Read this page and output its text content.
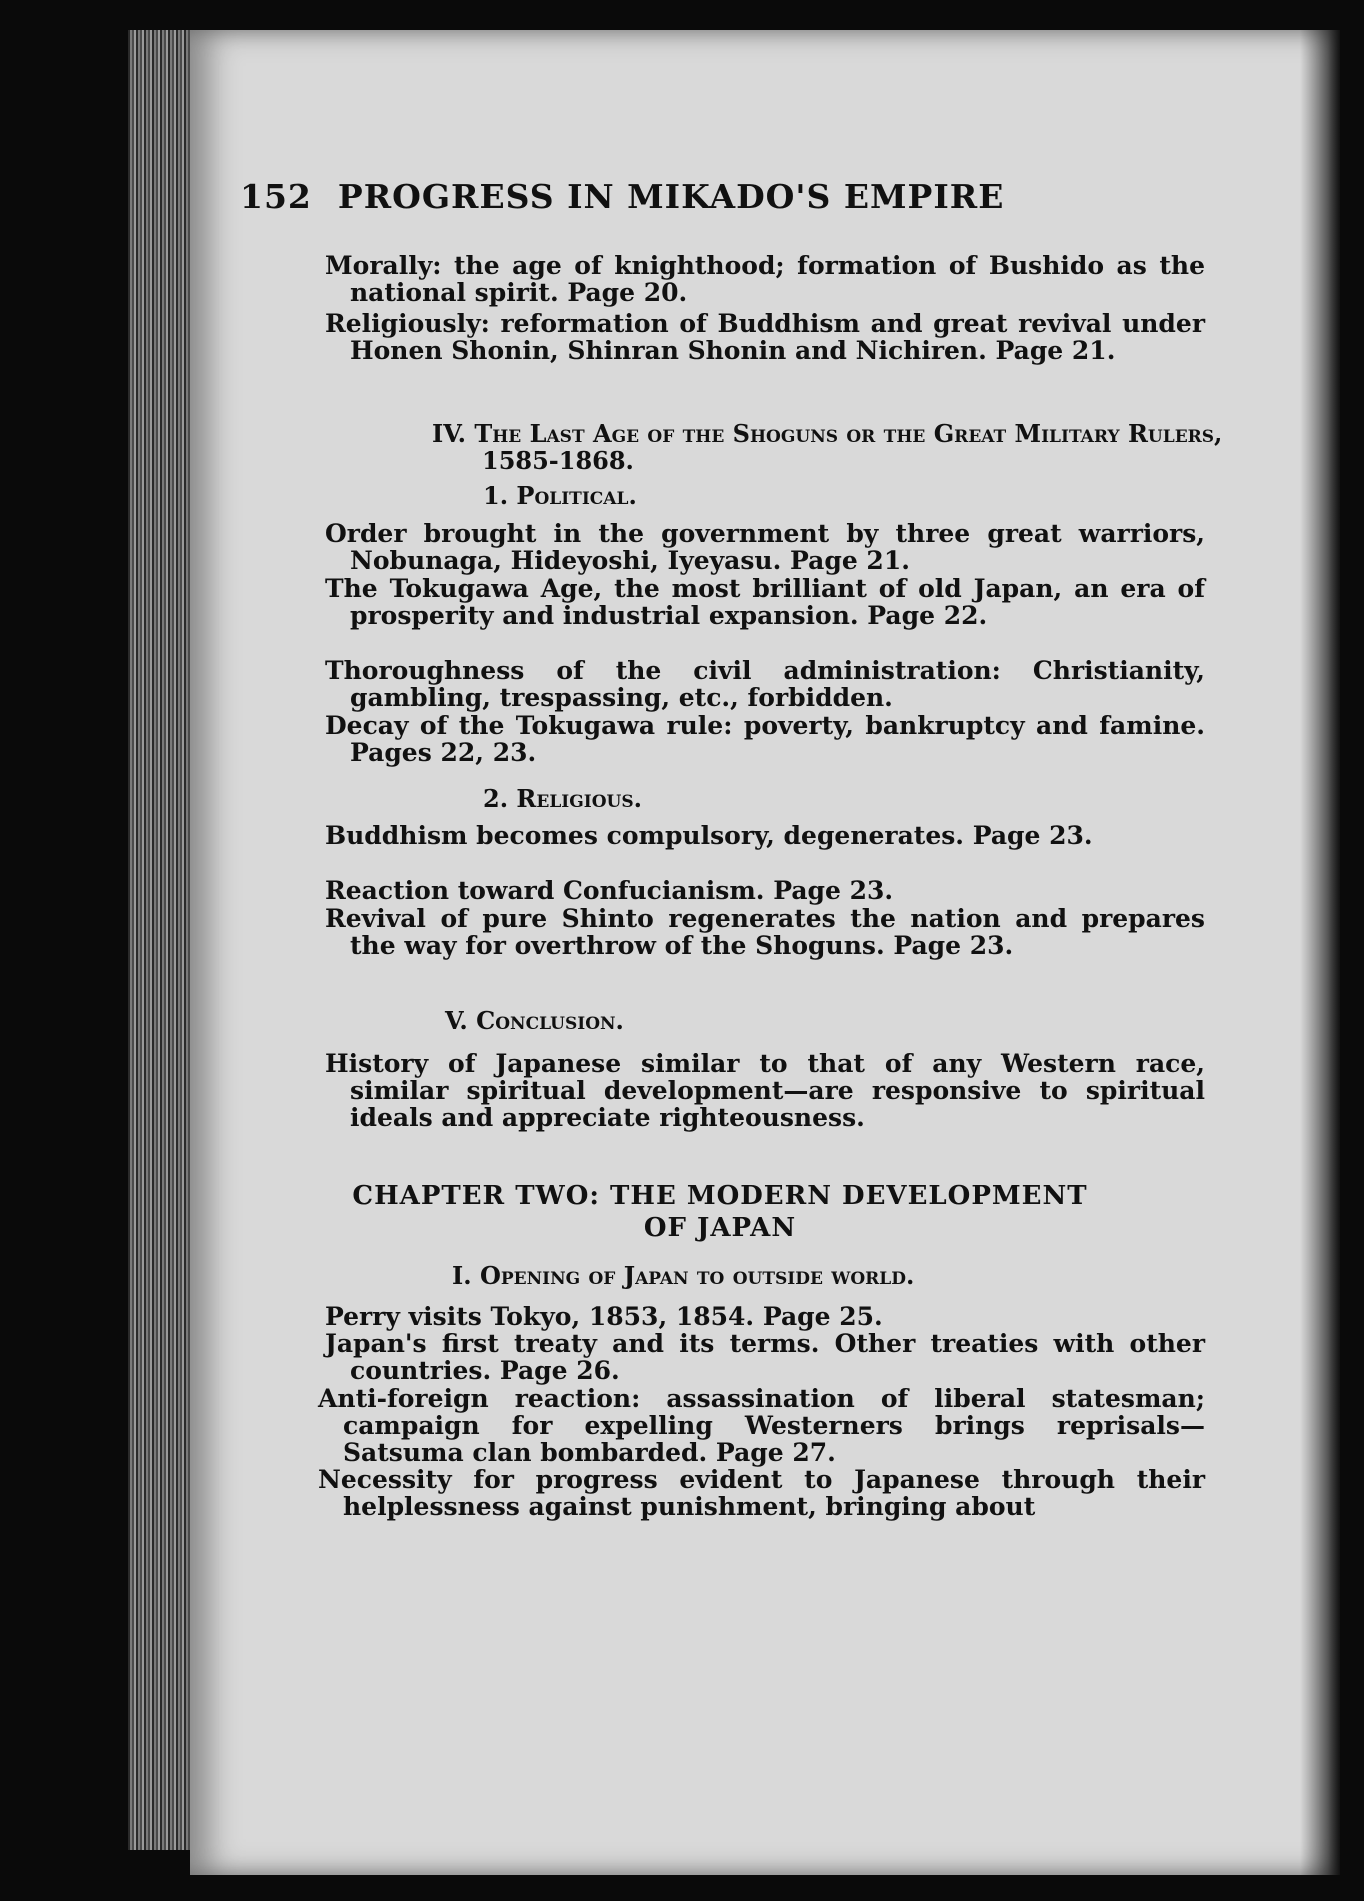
152 PROGRESS IN MIKADO'S EMPIRE
Morally: the age of knighthood; formation of Bushido as the national spirit. Page 20.
Religiously: reformation of Buddhism and great revival under Honen Shonin, Shinran Shonin and Nichiren. Page 21.
IV. The Last Age of the Shoguns or the Great Military Rulers, 1585-1868.
1. Political.
Order brought in the government by three great warriors, Nobunaga, Hideyoshi, Iyeyasu. Page 21.
The Tokugawa Age, the most brilliant of old Japan, an era of prosperity and industrial expansion. Page 22.
Thoroughness of the civil administration: Christianity, gambling, trespassing, etc., forbidden.
Decay of the Tokugawa rule: poverty, bankruptcy and famine. Pages 22, 23.
2. Religious.
Buddhism becomes compulsory, degenerates. Page 23.
Reaction toward Confucianism. Page 23.
Revival of pure Shinto regenerates the nation and prepares the way for overthrow of the Shoguns. Page 23.
V. Conclusion.
History of Japanese similar to that of any Western race, similar spiritual development—are responsive to spiritual ideals and appreciate righteousness.
CHAPTER TWO: THE MODERN DEVELOPMENT
OF JAPAN
I. Opening of Japan to outside world.
Perry visits Tokyo, 1853, 1854. Page 25.
Japan's first treaty and its terms. Other treaties with other countries. Page 26.
Anti-foreign reaction: assassination of liberal statesman; campaign for expelling Westerners brings reprisals—Satsuma clan bombarded. Page 27.
Necessity for progress evident to Japanese through their helplessness against punishment, bringing about
